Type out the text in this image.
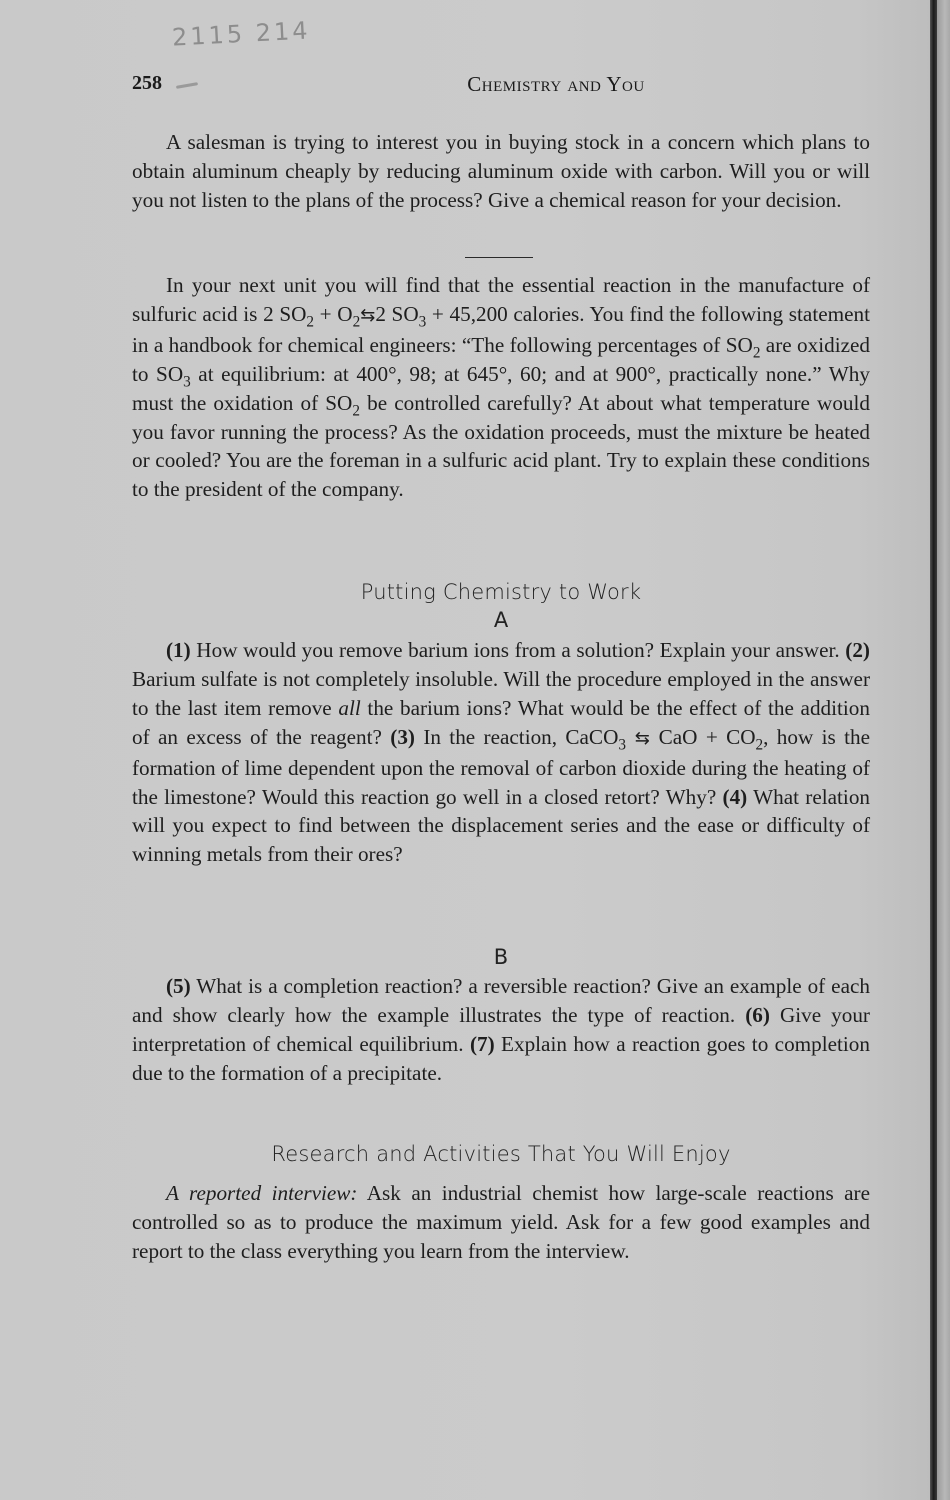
2115 214
258	Chemistry and You

A salesman is trying to interest you in buying stock in a concern which plans to obtain aluminum cheaply by reducing aluminum oxide with carbon. Will you or will you not listen to the plans of the process? Give a chemical reason for your decision.

In your next unit you will find that the essential reaction in the manufacture of sulfuric acid is 2 $SO_2$ + $O_2⇆2$ $SO_3 + 45,200$ calories. You find the following statement in a handbook for chemical engineers: “The following percentages of $SO_2$ are oxidized to $SO_3$ at equilibrium: at 400°, 98; at 645°, 60; and at 900°, practically none.” Why must the oxidation of $SO_2$ be controlled carefully? At about what temperature would you favor running the process? As the oxidation proceeds, must the mixture be heated or cooled? You are the foreman in a sulfuric acid plant. Try to explain these conditions to the president of the company.

Putting Chemistry to Work
A

(1) How would you remove barium ions from a solution? Explain your answer. (2) Barium sulfate is not completely insoluble. Will the procedure employed in the answer to the last item remove all the barium ions? What would be the effect of the addition of an excess of the reagent? (3) In the reaction, CaCO$_3$ ⇆ CaO + $CO_2$, how is the formation of lime dependent upon the removal of carbon dioxide during the heating of the limestone? Would this reaction go well in a closed retort? Why? (4) What relation will you expect to find between the displacement series and the ease or difficulty of winning metals from their ores?

B

(5) What is a completion reaction? a reversible reaction? Give an example of each and show clearly how the example illustrates the type of reaction. (6) Give your interpretation of chemical equilibrium. (7) Explain how a reaction goes to completion due to the formation of a precipitate.

Research and Activities That You Will Enjoy

A reported interview: Ask an industrial chemist how large-scale reactions are controlled so as to produce the maximum yield. Ask for a few good examples and report to the class everything you learn from the interview.
